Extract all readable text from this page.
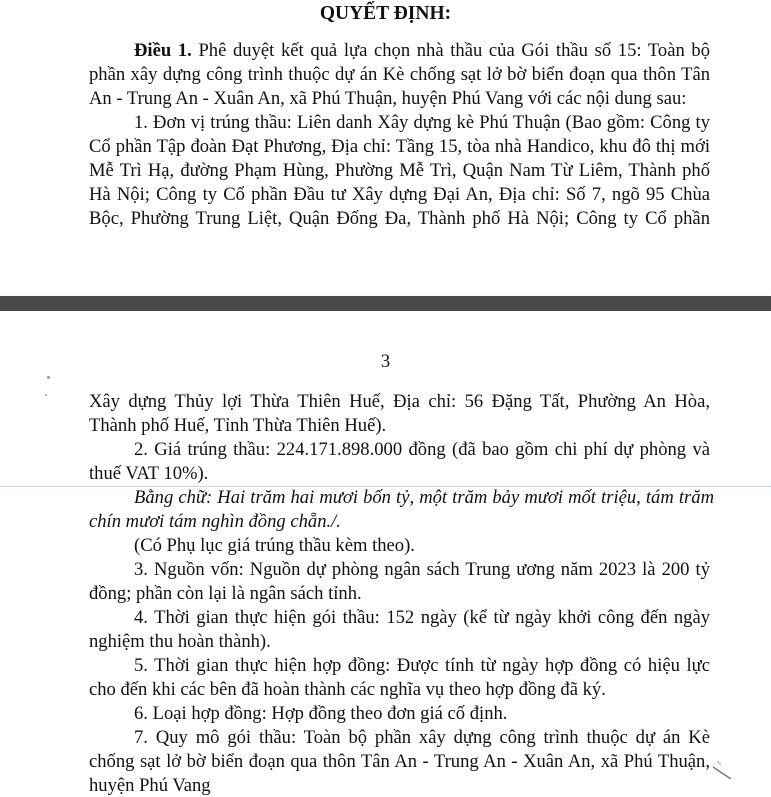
QUYẾT ĐỊNH:
Điều 1. Phê duyệt kết quả lựa chọn nhà thầu của Gói thầu số 15: Toàn bộ
phần xây dựng công trình thuộc dự án Kè chống sạt lở bờ biển đoạn qua thôn Tân
An - Trung An - Xuân An, xã Phú Thuận, huyện Phú Vang với các nội dung sau:
1. Đơn vị trúng thầu: Liên danh Xây dựng kè Phú Thuận (Bao gồm: Công ty
Cổ phần Tập đoàn Đạt Phương, Địa chỉ: Tầng 15, tòa nhà Handico, khu đô thị mới
Mễ Trì Hạ, đường Phạm Hùng, Phường Mễ Trì, Quận Nam Từ Liêm, Thành phố
Hà Nội; Công ty Cổ phần Đầu tư Xây dựng Đại An, Địa chỉ: Số 7, ngõ 95 Chùa
Bộc, Phường Trung Liệt, Quận Đống Đa, Thành phố Hà Nội; Công ty Cổ phần
3
Xây dựng Thủy lợi Thừa Thiên Huế, Địa chỉ: 56 Đặng Tất, Phường An Hòa,
Thành phố Huế, Tỉnh Thừa Thiên Huế).
2. Giá trúng thầu: 224.171.898.000 đồng (đã bao gồm chi phí dự phòng và
thuế VAT 10%).
Bằng chữ: Hai trăm hai mươi bốn tỷ, một trăm bảy mươi mốt triệu, tám trăm
chín mươi tám nghìn đồng chẵn./.
(Có Phụ lục giá trúng thầu kèm theo).
3. Nguồn vốn: Nguồn dự phòng ngân sách Trung ương năm 2023 là 200 tỷ
đồng; phần còn lại là ngân sách tỉnh.
4. Thời gian thực hiện gói thầu: 152 ngày (kể từ ngày khởi công đến ngày
nghiệm thu hoàn thành).
5. Thời gian thực hiện hợp đồng: Được tính từ ngày hợp đồng có hiệu lực
cho đến khi các bên đã hoàn thành các nghĩa vụ theo hợp đồng đã ký.
6. Loại hợp đồng: Hợp đồng theo đơn giá cố định.
7. Quy mô gói thầu: Toàn bộ phần xây dựng công trình thuộc dự án Kè
chống sạt lở bờ biển đoạn qua thôn Tân An - Trung An - Xuân An, xã Phú Thuận,
huyện Phú Vang
